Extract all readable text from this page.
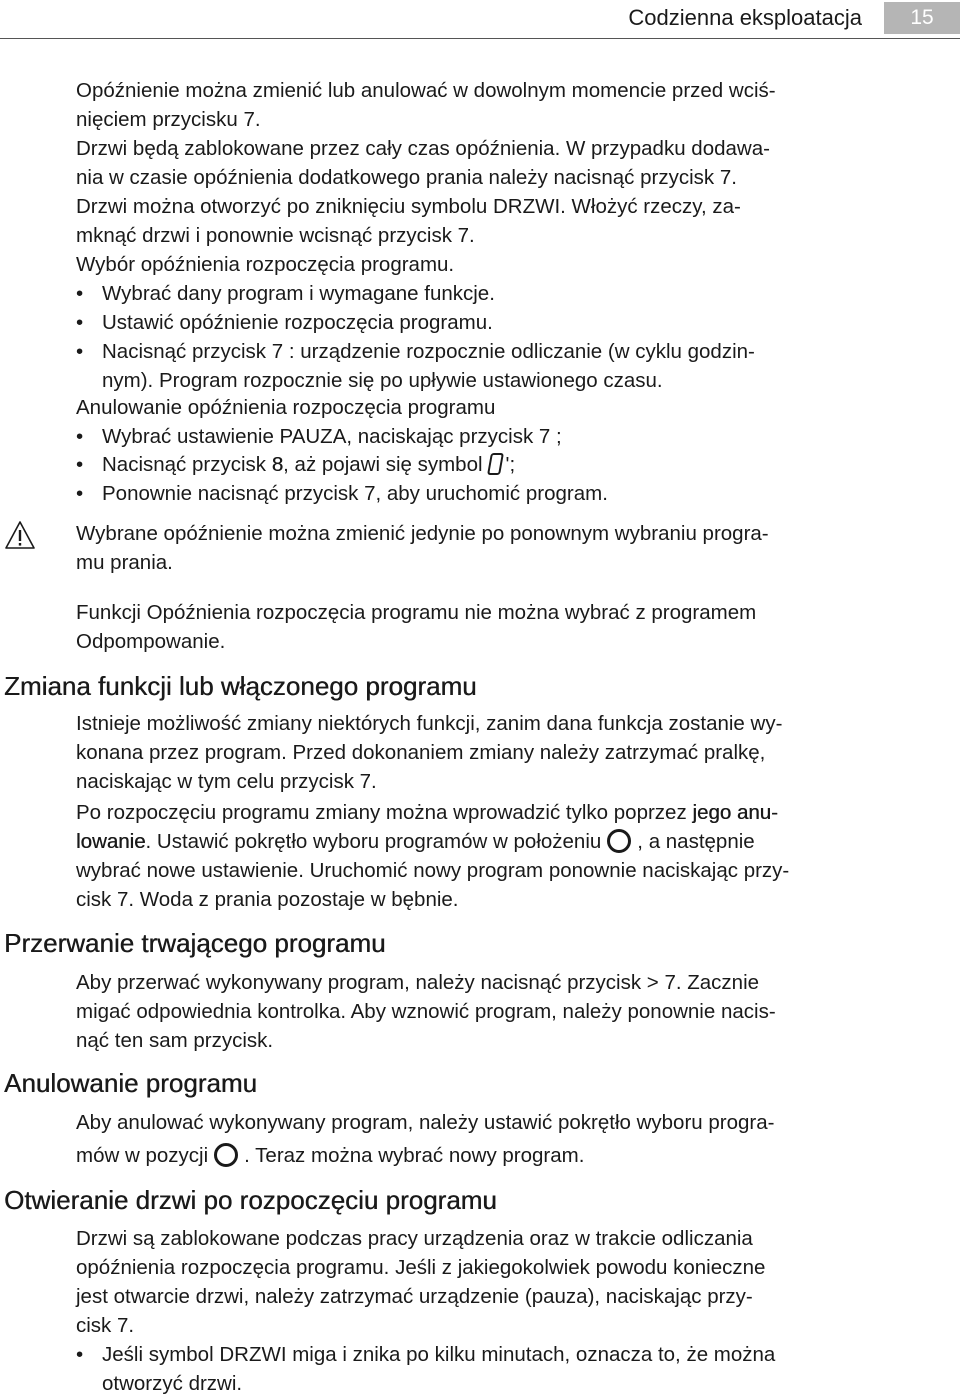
Codzienna eksploatacja	15

Opóźnienie można zmienić lub anulować w dowolnym momencie przed wciś-

nięciem przycisku 7.

Drzwi będą zablokowane przez cały czas opóźnienia. W przypadku dodawa-

nia w czasie opóźnienia dodatkowego prania należy nacisnąć przycisk 7.

Drzwi można otworzyć po zniknięciu symbolu DRZWI. Włożyć rzeczy, za-

mknąć drzwi i ponownie wcisnąć przycisk 7.

Wybór opóźnienia rozpoczęcia programu.

• Wybrać dany program i wymagane funkcje.

• Ustawić opóźnienie rozpoczęcia programu.

• Nacisnąć przycisk 7 : urządzenie rozpocznie odliczanie (w cyklu godzin-

nym). Program rozpocznie się po upływie ustawionego czasu.

Anulowanie opóźnienia rozpoczęcia programu

• Wybrać ustawienie PAUZA, naciskając przycisk 7 ;

• Nacisnąć przycisk 8, aż pojawi się symbol ';

• Ponownie nacisnąć przycisk 7, aby uruchomić program.

Wybrane opóźnienie można zmienić jedynie po ponownym wybraniu progra-

mu prania.

Funkcji Opóźnienia rozpoczęcia programu nie można wybrać z programem

Odpompowanie.

Zmiana funkcji lub włączonego programu

Istnieje możliwość zmiany niektórych funkcji, zanim dana funkcja zostanie wy-

konana przez program. Przed dokonaniem zmiany należy zatrzymać pralkę,

naciskając w tym celu przycisk 7.

Po rozpoczęciu programu zmiany można wprowadzić tylko poprzez jego anu-

lowanie. Ustawić pokrętło wyboru programów w położeniu , a następnie

wybrać nowe ustawienie. Uruchomić nowy program ponownie naciskając przy-

cisk 7. Woda z prania pozostaje w bębnie.

Przerwanie trwającego programu

Aby przerwać wykonywany program, należy nacisnąć przycisk > 7. Zacznie

migać odpowiednia kontrolka. Aby wznowić program, należy ponownie nacis-

nąć ten sam przycisk.

Anulowanie programu

Aby anulować wykonywany program, należy ustawić pokrętło wyboru progra-

mów w pozycji . Teraz można wybrać nowy program.

Otwieranie drzwi po rozpoczęciu programu

Drzwi są zablokowane podczas pracy urządzenia oraz w trakcie odliczania

opóźnienia rozpoczęcia programu. Jeśli z jakiegokolwiek powodu konieczne

jest otwarcie drzwi, należy zatrzymać urządzenie (pauza), naciskając przy-

cisk 7.

• Jeśli symbol DRZWI miga i znika po kilku minutach, oznacza to, że można

otworzyć drzwi.
